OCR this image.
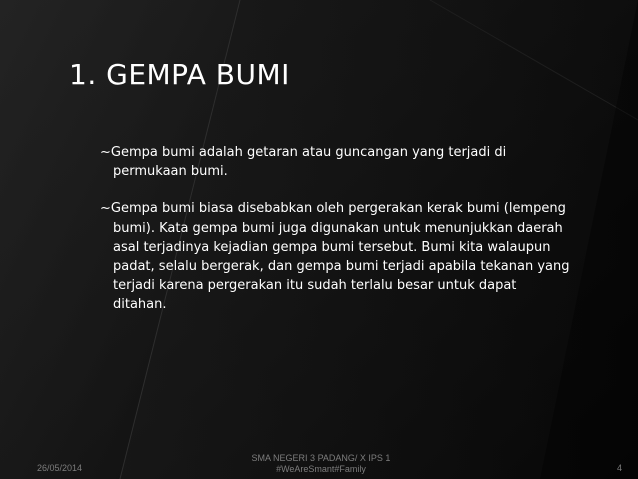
1. GEMPA BUMI

~Gempa bumi adalah getaran atau guncangan yang terjadi di permukaan bumi.

~Gempa bumi biasa disebabkan oleh pergerakan kerak bumi (lempeng bumi). Kata gempa bumi juga digunakan untuk menunjukkan daerah asal terjadinya kejadian gempa bumi tersebut. Bumi kita walaupun padat, selalu bergerak, dan gempa bumi terjadi apabila tekanan yang terjadi karena pergerakan itu sudah terlalu besar untuk dapat ditahan.

26/05/2014
SMA NEGERI 3 PADANG/ X IPS 1
#WeAreSmant#Family	4
